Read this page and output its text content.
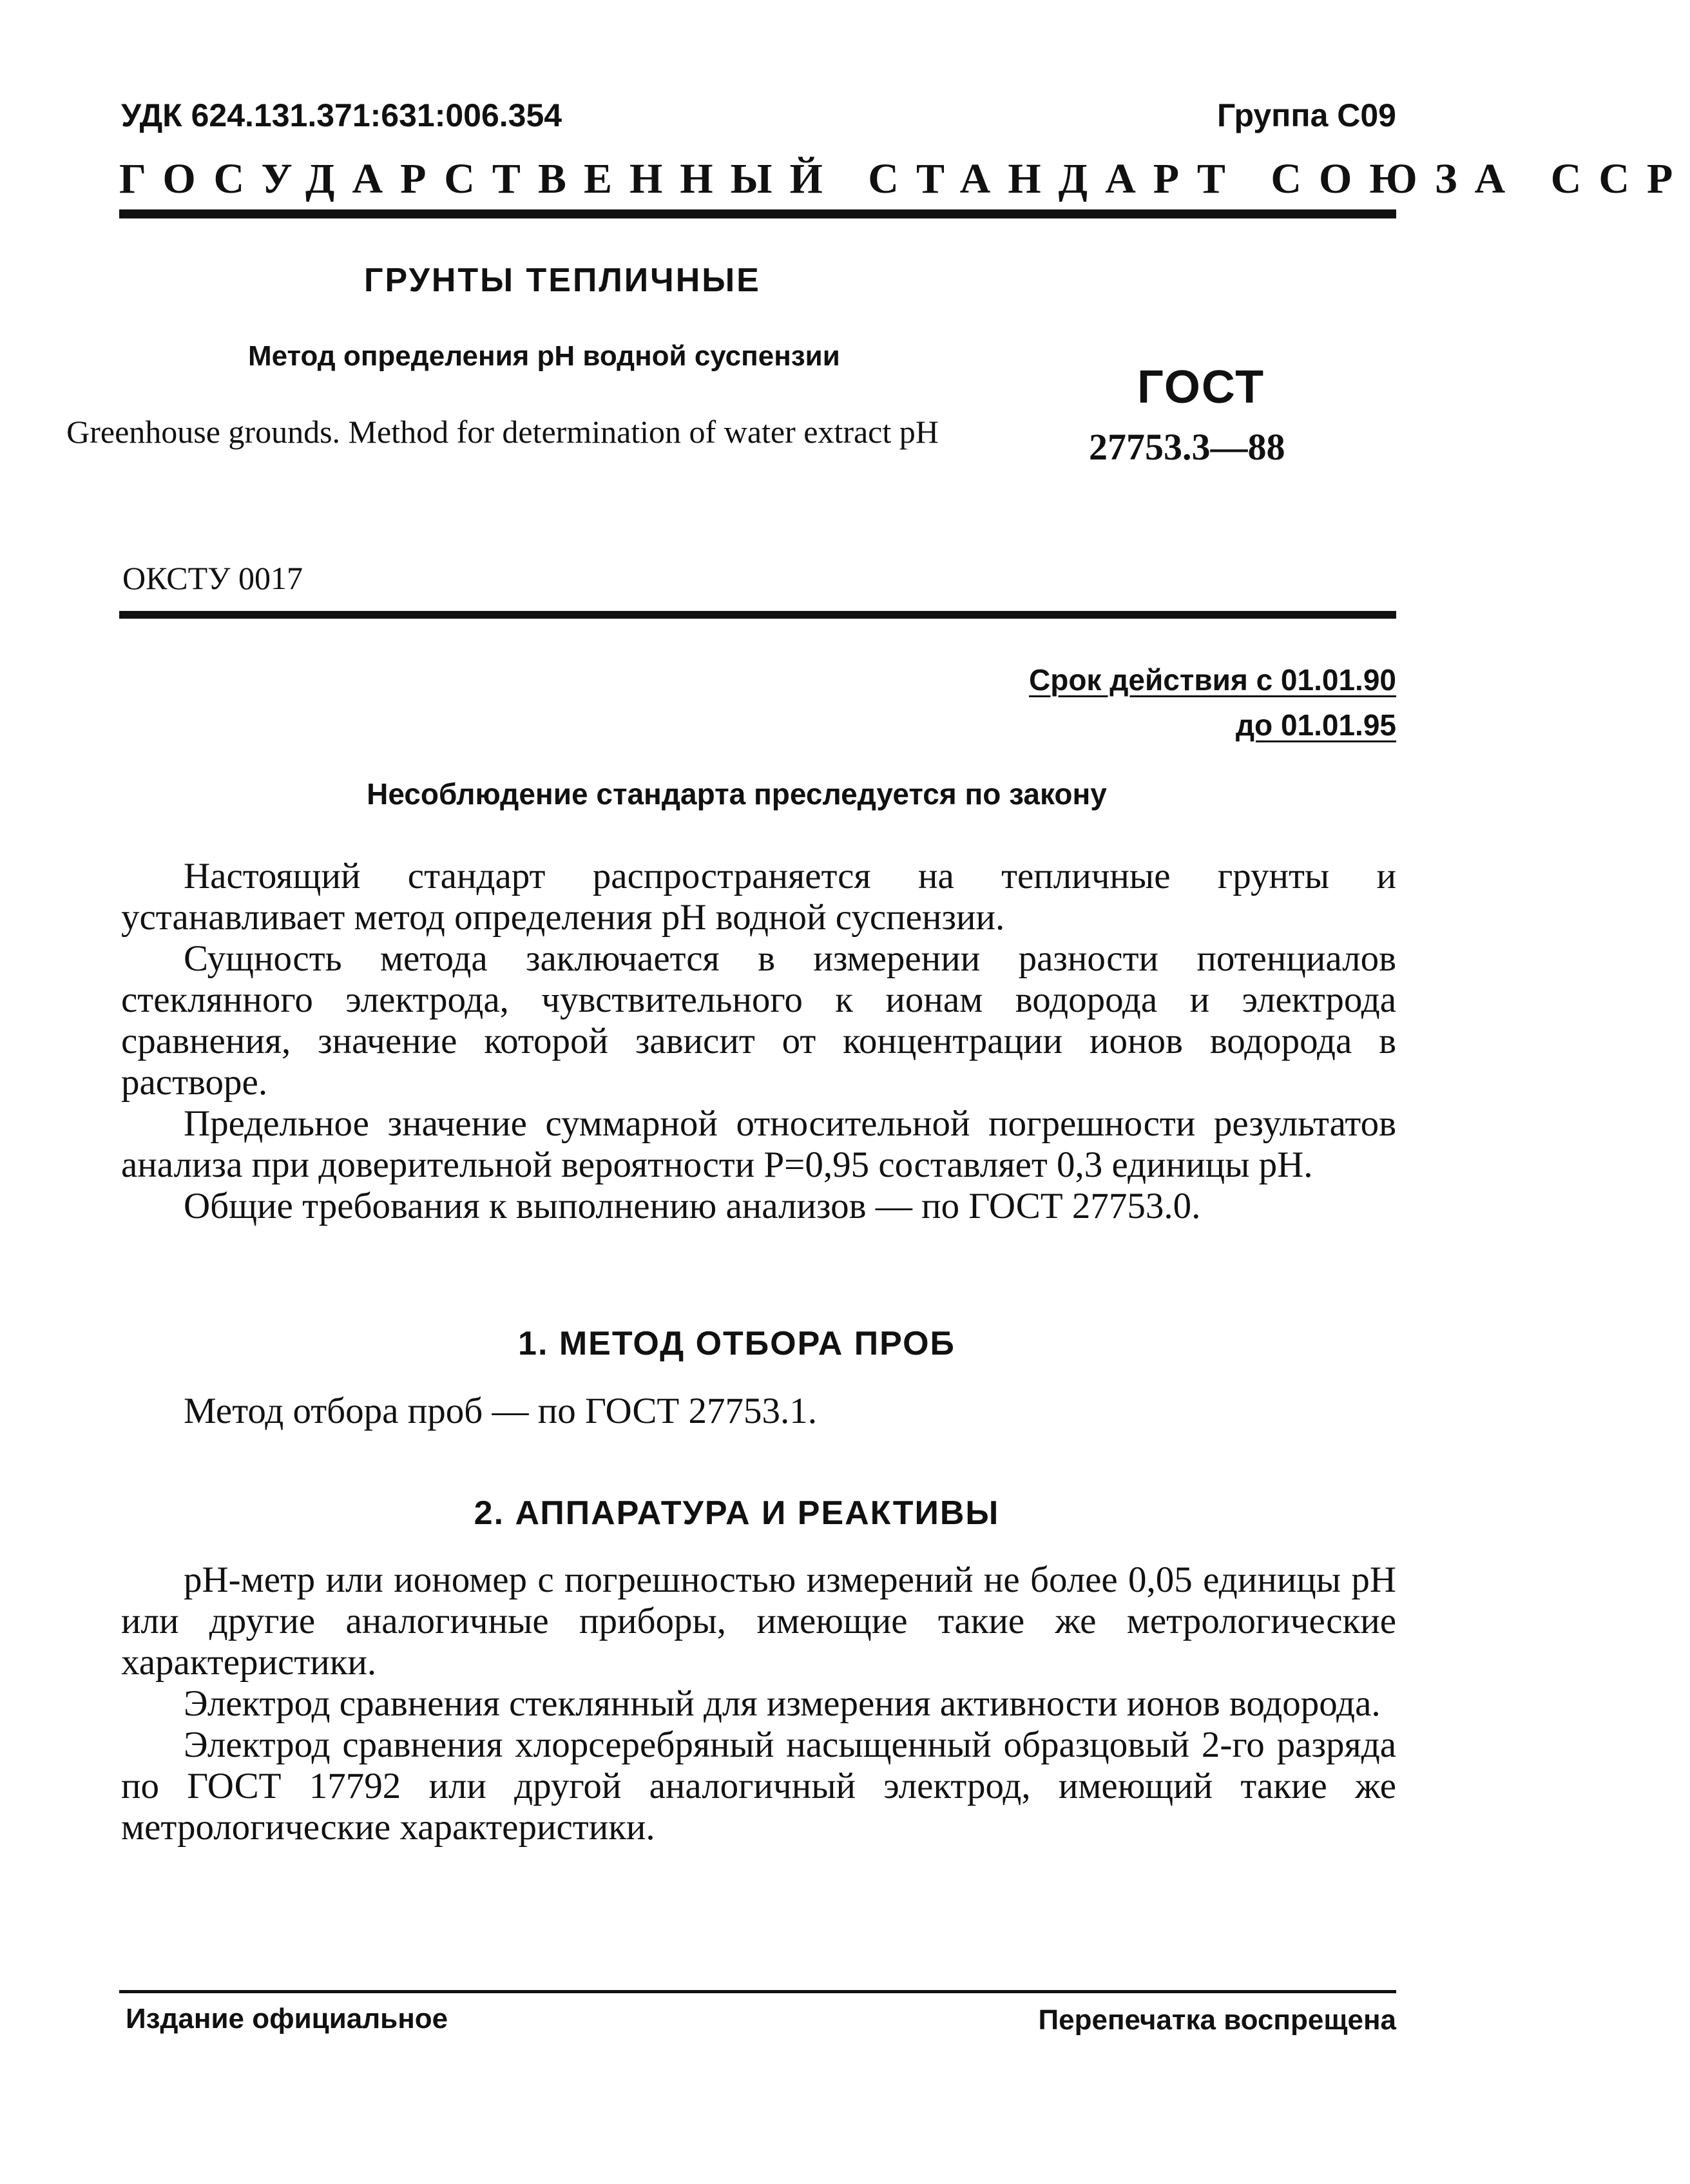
УДК 624.131.371:631:006.354	Группа С09
ГОСУДАРСТВЕННЫЙ СТАНДАРТ СОЮЗА ССР
ГРУНТЫ ТЕПЛИЧНЫЕ
Метод определения рН водной суспензии
Greenhouse grounds. Method for determination of water extract pH
ГОСТ
27753.3—88
ОКСТУ 0017
Срок действия с 01.01.90
до 01.01.95
Несоблюдение стандарта преследуется по закону

Настоящий стандарт распространяется на тепличные грунты и устанавливает метод определения рН водной суспензии.

Сущность метода заключается в измерении разности потенциалов стеклянного электрода, чувствительного к ионам водорода и электрода сравнения, значение которой зависит от концентрации ионов водорода в растворе.

Предельное значение суммарной относительной погрешности результатов анализа при доверительной вероятности Р=0,95 составляет 0,3 единицы рН.

Общие требования к выполнению анализов — по ГОСТ 27753.0.

1. МЕТОД ОТБОРА ПРОБ

Метод отбора проб — по ГОСТ 27753.1.

2. АППАРАТУРА И РЕАКТИВЫ

рН-метр или иономер с погрешностью измерений не более 0,05 единицы рН или другие аналогичные приборы, имеющие такие же метрологические характеристики.

Электрод сравнения стеклянный для измерения активности ионов водорода.

Электрод сравнения хлорсеребряный насыщенный образцовый 2-го разряда по ГОСТ 17792 или другой аналогичный электрод, имеющий такие же метрологические характеристики.

Издание официальное	Перепечатка воспрещена
